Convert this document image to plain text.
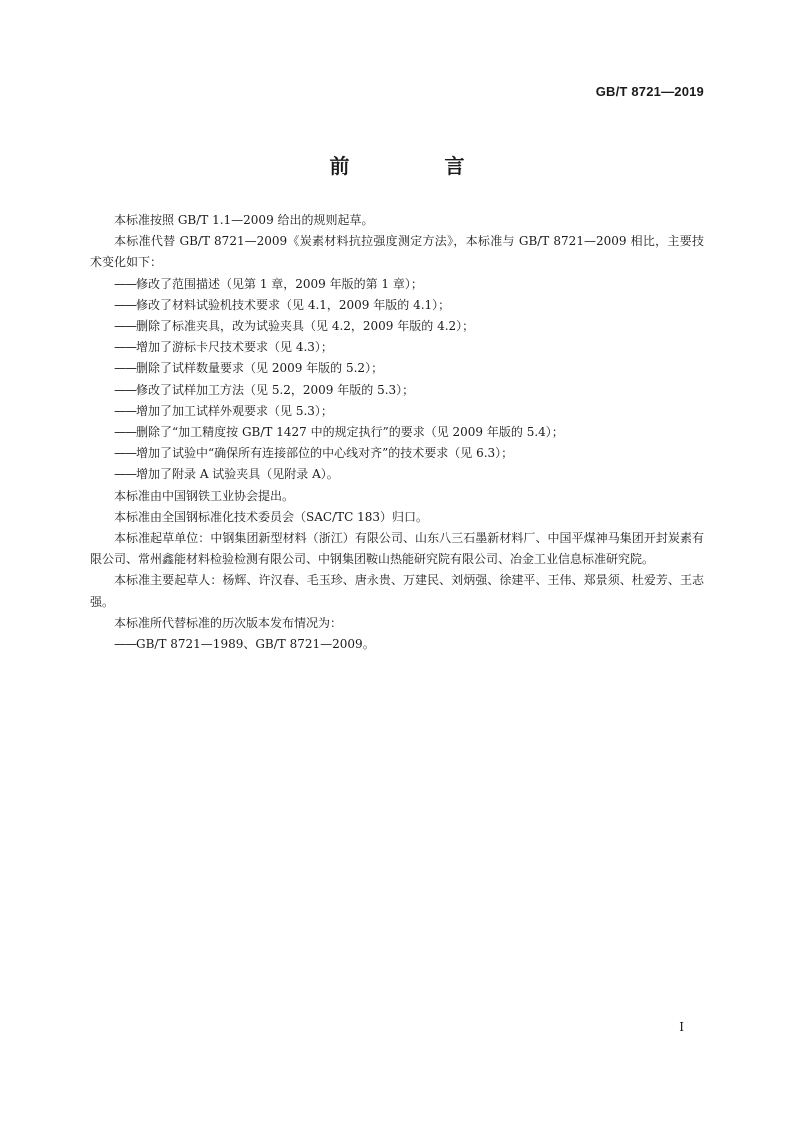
GB/T 8721—2019
前 言

本标准按照 GB/T 1.1—2009 给出的规则起草。

本标准代替 GB/T 8721—2009《炭素材料抗拉强度测定方法》，本标准与 GB/T 8721—2009 相比，主要技术变化如下：

——修改了范围描述（见第 1 章，2009 年版的第 1 章）；

——修改了材料试验机技术要求（见 4.1，2009 年版的 4.1）；

——删除了标准夹具，改为试验夹具（见 4.2，2009 年版的 4.2）；

——增加了游标卡尺技术要求（见 4.3）；

——删除了试样数量要求（见 2009 年版的 5.2）；

——修改了试样加工方法（见 5.2，2009 年版的 5.3）；

——增加了加工试样外观要求（见 5.3）；

——删除了“加工精度按 GB/T 1427 中的规定执行”的要求（见 2009 年版的 5.4）；

——增加了试验中“确保所有连接部位的中心线对齐”的技术要求（见 6.3）；

——增加了附录 A 试验夹具（见附录 A）。

本标准由中国钢铁工业协会提出。

本标准由全国钢标准化技术委员会（SAC/TC 183）归口。

本标准起草单位：中钢集团新型材料（浙江）有限公司、山东八三石墨新材料厂、中国平煤神马集团开封炭素有限公司、常州鑫能材料检验检测有限公司、中钢集团鞍山热能研究院有限公司、冶金工业信息标准研究院。

本标准主要起草人：杨辉、许汉春、毛玉珍、唐永贵、万建民、刘炳强、徐建平、王伟、郑景须、杜爱芳、王志强。

本标准所代替标准的历次版本发布情况为：

——GB/T 8721—1989、GB/T 8721—2009。

I
